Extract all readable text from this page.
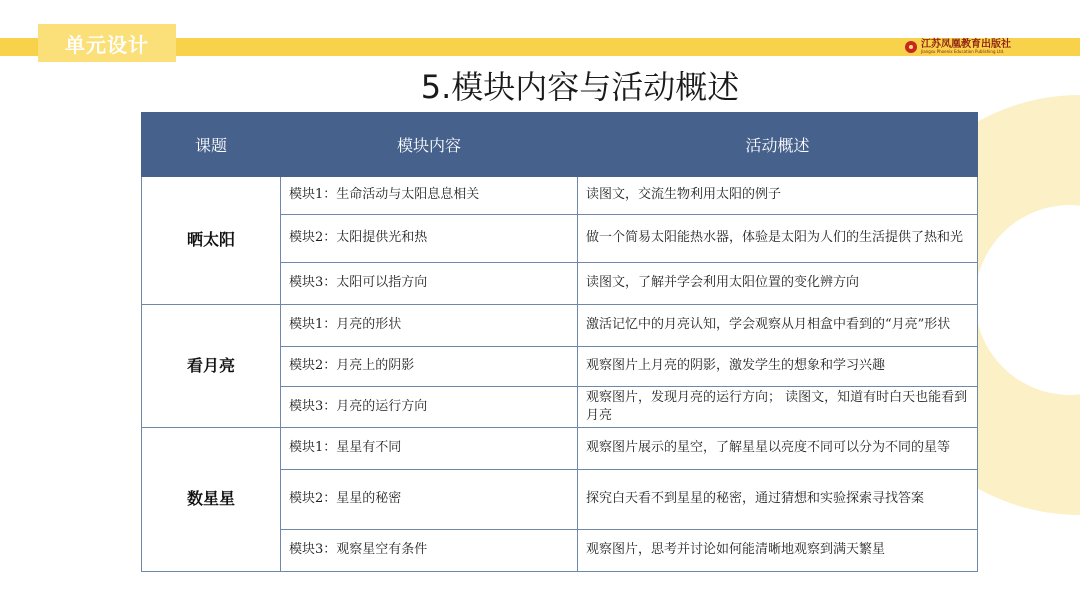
单元设计	江苏凤凰教育出版社
Jiangsu Phoenix Education Publishing Ltd.
5.模块内容与活动概述
课题	模块内容	活动概述
晒太阳	模块1：生命活动与太阳息息相关	读图文，交流生物利用太阳的例子
	模块2：太阳提供光和热	做一个简易太阳能热水器，体验是太阳为人们的生活提供了热和光
	模块3：太阳可以指方向	读图文，了解并学会利用太阳位置的变化辨方向
看月亮	模块1：月亮的形状	激活记忆中的月亮认知，学会观察从月相盒中看到的“月亮”形状
	模块2：月亮上的阴影	观察图片上月亮的阴影，激发学生的想象和学习兴趣
	模块3：月亮的运行方向	观察图片，发现月亮的运行方向； 读图文，知道有时白天也能看到月亮
数星星	模块1：星星有不同	观察图片展示的星空，了解星星以亮度不同可以分为不同的星等
	模块2：星星的秘密	探究白天看不到星星的秘密，通过猜想和实验探索寻找答案
	模块3：观察星空有条件	观察图片，思考并讨论如何能清晰地观察到满天繁星
